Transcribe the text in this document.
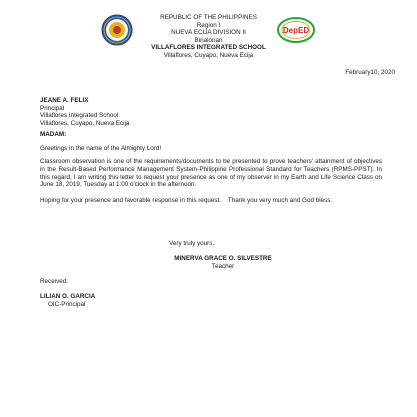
REPUBLIC OF THE PHILIPPINES
Region I
NUEVA ECIJA DIVISION II
Binalonan
VILLAFLORES INTEGRATED SCHOOL
Villaflores, Cuyapo, Nueva Ecija
DepED
February10, 2020
JEANE A. FELIX
Principal
Villaflores Integrated School
Villaflores, Cuyapo, Nueva Ecija
MADAM:
Greetings in the name of the Almighty Lord!
Classroom observation is one of the requirements/documents to be presented to prove teachers' attainment of objectives in the Result-Based Performance Management System-Philippine Professional Standard for Teachers (RPMS-PPST). In this regard, I am writing this letter to request your presence as one of my observer in my Earth and Life Science Class on June 18, 2019, Tuesday at 1:00 o'clock in the afternoon.
Hoping for your presence and favorable response in this request.    Thank you very much and God bless.
Very truly yours,
MINERVA GRACE O. SILVESTRE
Teacher
Received:
LILIAN O. GARCIA
OIC-Principal
